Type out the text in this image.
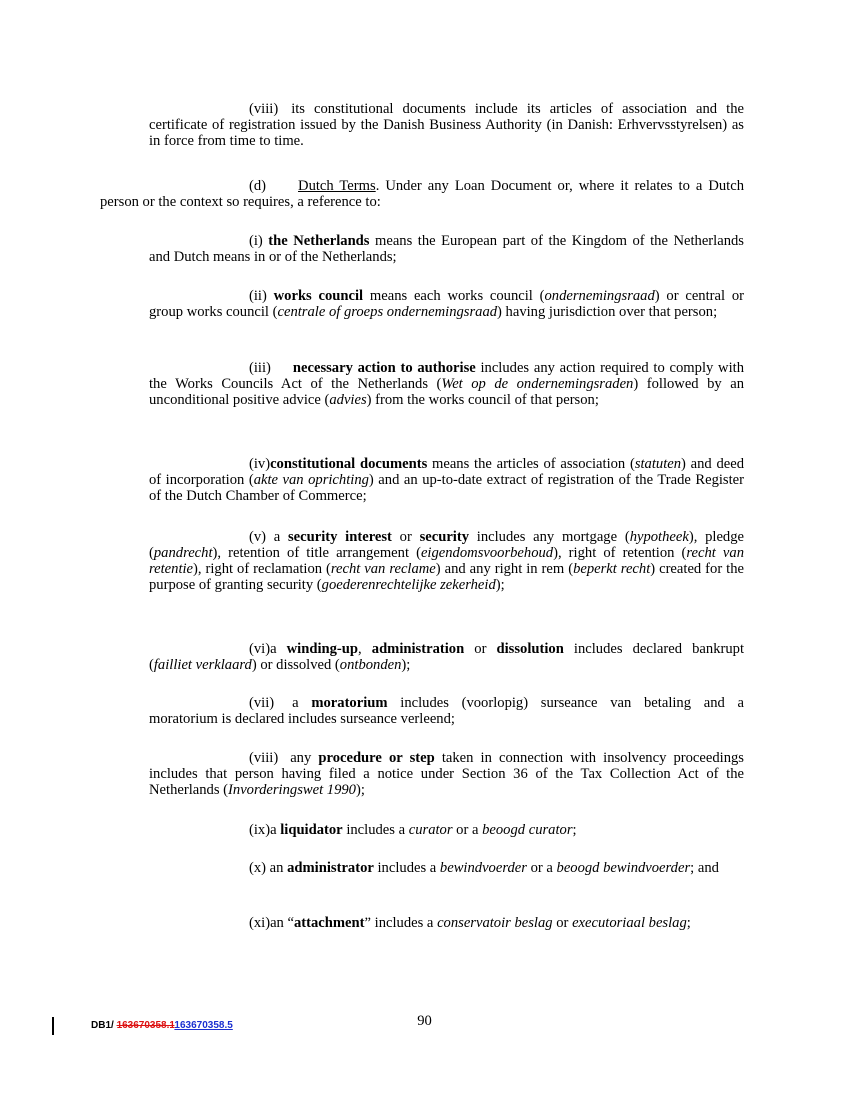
(viii) its constitutional documents include its articles of association and the certificate of registration issued by the Danish Business Authority (in Danish: Erhvervsstyrelsen) as in force from time to time.

(d) Dutch Terms. Under any Loan Document or, where it relates to a Dutch person or the context so requires, a reference to:

(i) the Netherlands means the European part of the Kingdom of the Netherlands and Dutch means in or of the Netherlands;

(ii) works council means each works council (ondernemingsraad) or central or group works council (centrale of groeps ondernemingsraad) having jurisdiction over that person;

(iii) necessary action to authorise includes any action required to comply with the Works Councils Act of the Netherlands (Wet op de ondernemingsraden) followed by an unconditional positive advice (advies) from the works council of that person;

(iv)constitutional documents means the articles of association (statuten) and deed of incorporation (akte van oprichting) and an up-to-date extract of registration of the Trade Register of the Dutch Chamber of Commerce;

(v) a security interest or security includes any mortgage (hypotheek), pledge (pandrecht), retention of title arrangement (eigendomsvoorbehoud), right of retention (recht van retentie), right of reclamation (recht van reclame) and any right in rem (beperkt recht) created for the purpose of granting security (goederenrechtelijke zekerheid);

(vi)a winding-up, administration or dissolution includes declared bankrupt (failliet verklaard) or dissolved (ontbonden);

(vii) a moratorium includes (voorlopig) surseance van betaling and a moratorium is declared includes surseance verleend;

(viii) any procedure or step taken in connection with insolvency proceedings includes that person having filed a notice under Section 36 of the Tax Collection Act of the Netherlands (Invorderingswet 1990);

(ix)a liquidator includes a curator or a beoogd curator;

(x) an administrator includes a bewindvoerder or a beoogd bewindvoerder; and

(xi)an “attachment” includes a conservatoir beslag or executoriaal beslag;

DB1/ 163670358.1163670358.5	90
